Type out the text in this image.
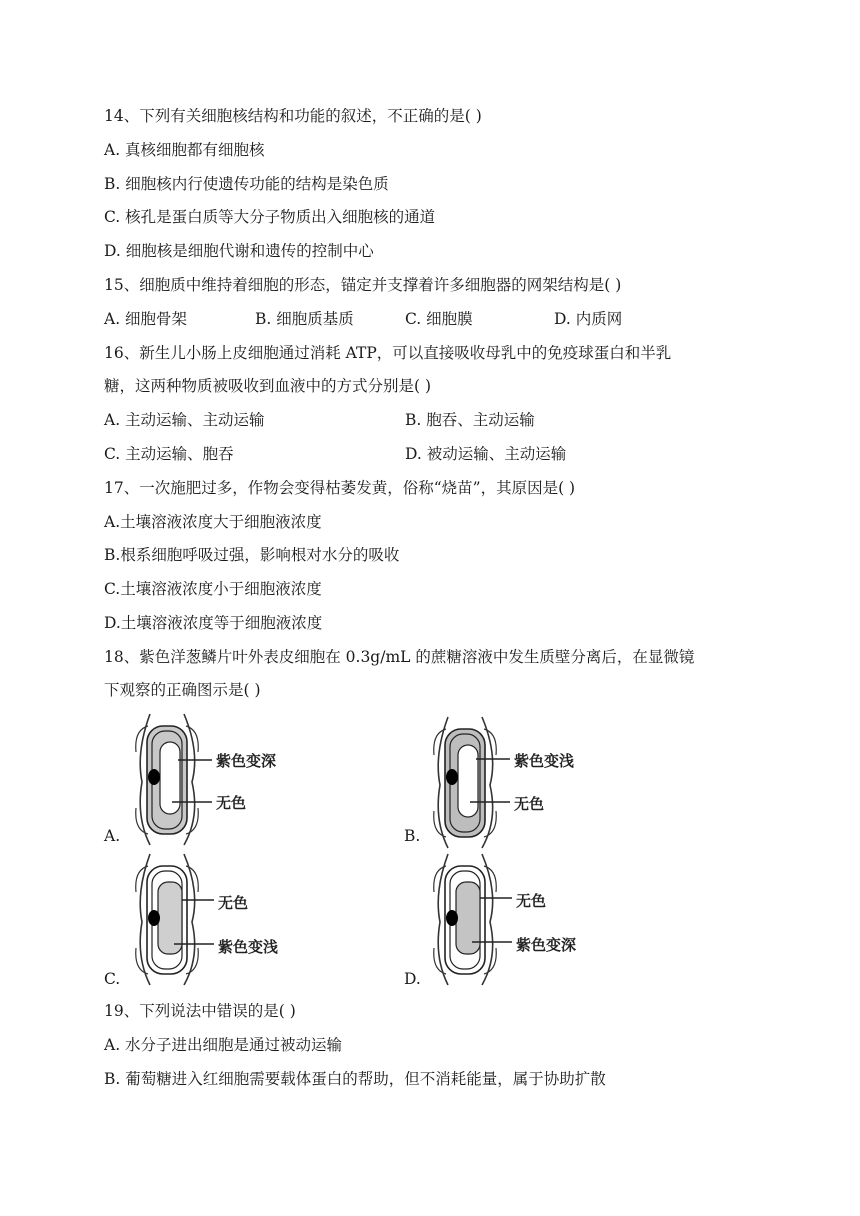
14、下列有关细胞核结构和功能的叙述，不正确的是( )
A. 真核细胞都有细胞核
B. 细胞核内行使遗传功能的结构是染色质
C. 核孔是蛋白质等大分子物质出入细胞核的通道
D. 细胞核是细胞代谢和遗传的控制中心
15、细胞质中维持着细胞的形态，锚定并支撑着许多细胞器的网架结构是( )
A. 细胞骨架	B. 细胞质基质	C. 细胞膜	D. 内质网
16、新生儿小肠上皮细胞通过消耗 ATP，可以直接吸收母乳中的免疫球蛋白和半乳
糖，这两种物质被吸收到血液中的方式分别是( )
A. 主动运输、主动运输	B. 胞吞、主动运输
C. 主动运输、胞吞	D. 被动运输、主动运输
17、一次施肥过多，作物会变得枯萎发黄，俗称“烧苗”，其原因是( )
A.土壤溶液浓度大于细胞液浓度
B.根系细胞呼吸过强，影响根对水分的吸收
C.土壤溶液浓度小于细胞液浓度
D.土壤溶液浓度等于细胞液浓度
18、紫色洋葱鳞片叶外表皮细胞在 0.3g/mL 的蔗糖溶液中发生质壁分离后，在显微镜
下观察的正确图示是( )
紫色变深
无色
A.
紫色变浅
无色
B.
无色
紫色变浅
C.
无色
紫色变深
D.
19、下列说法中错误的是( )
A. 水分子进出细胞是通过被动运输
B. 葡萄糖进入红细胞需要载体蛋白的帮助，但不消耗能量，属于协助扩散
